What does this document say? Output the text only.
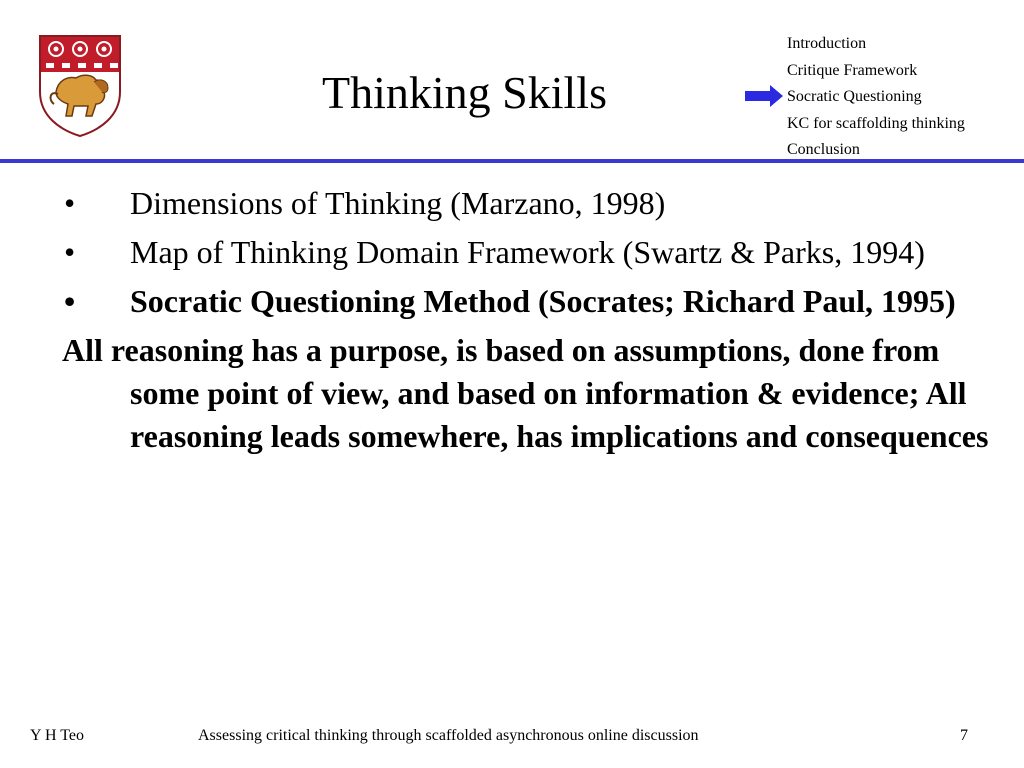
Thinking Skills
Introduction
Critique Framework
Socratic Questioning
KC for scaffolding thinking
Conclusion
• Dimensions of Thinking (Marzano, 1998)
• Map of Thinking Domain Framework (Swartz & Parks, 1994)
• Socratic Questioning Method (Socrates; Richard Paul, 1995)

All reasoning has a purpose, is based on assumptions, done from some point of view, and based on information & evidence; All reasoning leads somewhere, has implications and consequences

Y H Teo	Assessing critical thinking through scaffolded asynchronous online discussion	7
